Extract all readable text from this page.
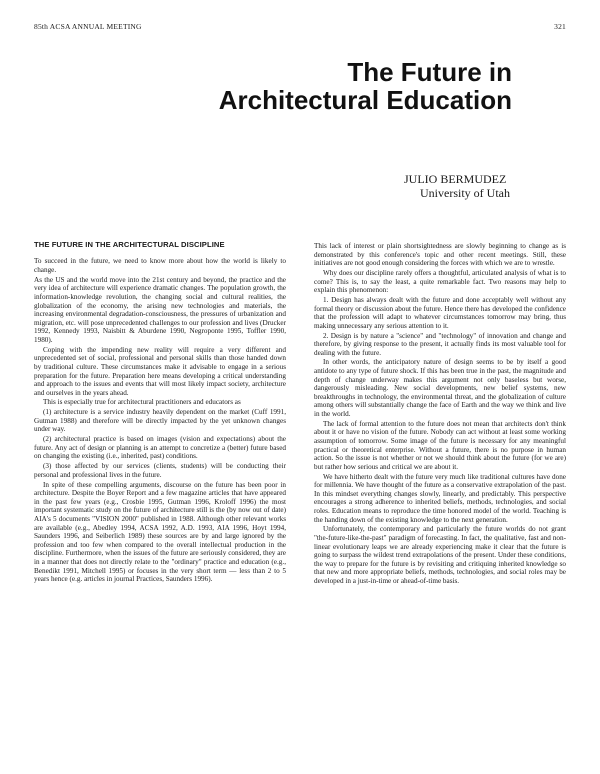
85th ACSA ANNUAL MEETING	321
The Future in
Architectural Education
JULIO BERMUDEZ
University of Utah
THE FUTURE IN THE ARCHITECTURAL DISCIPLINE

To succeed in the future, we need to know more about how the world is likely to change.

As the US and the world move into the 21st century and beyond, the practice and the very idea of architecture will experience dramatic changes. The population growth, the information-knowledge revolution, the changing social and cultural realities, the globalization of the economy, the arising new technologies and materials, the increasing environmental degradation-consciousness, the pressures of urbanization and migration, etc. will pose unprecedented challenges to our profession and lives (Drucker 1992, Kennedy 1993, Naisbitt & Aburdene 1990, Negroponte 1995, Toffler 1990, 1980).

Coping with the impending new reality will require a very different and unprecedented set of social, professional and personal skills than those handed down by traditional culture. These circumstances make it advisable to engage in a serious preparation for the future. Preparation here means developing a critical understanding and approach to the issues and events that will most likely impact society, architecture and ourselves in the years ahead.

This is especially true for architectural practitioners and educators as

(1) architecture is a service industry heavily dependent on the market (Cuff 1991, Gutman 1988) and therefore will be directly impacted by the yet unknown changes under way.

(2) architectural practice is based on images (vision and expectations) about the future. Any act of design or planning is an attempt to concretize a (better) future based on changing the existing (i.e., inherited, past) conditions.

(3) those affected by our services (clients, students) will be conducting their personal and professional lives in the future.

In spite of these compelling arguments, discourse on the future has been poor in architecture. Despite the Boyer Report and a few magazine articles that have appeared in the past few years (e.g., Crosbie 1995, Gutman 1996, Kroloff 1996) the most important systematic study on the future of architecture still is the (by now out of date) AIA's 5 documents "VISION 2000" published in 1988. Although other relevant works are available (e.g., Abedley 1994, ACSA 1992, A.D. 1993, AIA 1996, Hoyt 1994, Saunders 1996, and Seiberlich 1989) these sources are by and large ignored by the profession and too few when compared to the overall intellectual production in the discipline. Furthermore, when the issues of the future are seriously considered, they are in a manner that does not directly relate to the "ordinary" practice and education (e.g., Benedikt 1991, Mitchell 1995) or focuses in the very short term — less than 2 to 5 years hence (e.g. articles in journal Practices, Saunders 1996).

This lack of interest or plain shortsightedness are slowly beginning to change as is demonstrated by this conference's topic and other recent meetings. Still, these initiatives are not good enough considering the forces with which we are to wrestle.

Why does our discipline rarely offers a thoughtful, articulated analysis of what is to come? This is, to say the least, a quite remarkable fact. Two reasons may help to explain this phenomenon:

1. Design has always dealt with the future and done acceptably well without any formal theory or discussion about the future. Hence there has developed the confidence that the profession will adapt to whatever circumstances tomorrow may bring, thus making unnecessary any serious attention to it.

2. Design is by nature a "science" and "technology" of innovation and change and therefore, by giving response to the present, it actually finds its most valuable tool for dealing with the future.

In other words, the anticipatory nature of design seems to be by itself a good antidote to any type of future shock. If this has been true in the past, the magnitude and depth of change underway makes this argument not only baseless but worse, dangerously misleading. New social developments, new belief systems, new breakthroughs in technology, the environmental threat, and the globalization of culture among others will substantially change the face of Earth and the way we think and live in the world.

The lack of formal attention to the future does not mean that architects don't think about it or have no vision of the future. Nobody can act without at least some working assumption of tomorrow. Some image of the future is necessary for any meaningful practical or theoretical enterprise. Without a future, there is no purpose in human action. So the issue is not whether or not we should think about the future (for we are) but rather how serious and critical we are about it.

We have hitherto dealt with the future very much like traditional cultures have done for millennia. We have thought of the future as a conservative extrapolation of the past. In this mindset everything changes slowly, linearly, and predictably. This perspective encourages a strong adherence to inherited beliefs, methods, technologies, and social roles. Education means to reproduce the time honored model of the world. Teaching is the handing down of the existing knowledge to the next generation.

Unfortunately, the contemporary and particularly the future worlds do not grant "the-future-like-the-past" paradigm of forecasting. In fact, the qualitative, fast and non-linear evolutionary leaps we are already experiencing make it clear that the future is going to surpass the wildest trend extrapolations of the present. Under these conditions, the way to prepare for the future is by revisiting and critiquing inherited knowledge so that new and more appropriate beliefs, methods, technologies, and social roles may be developed in a just-in-time or ahead-of-time basis.
